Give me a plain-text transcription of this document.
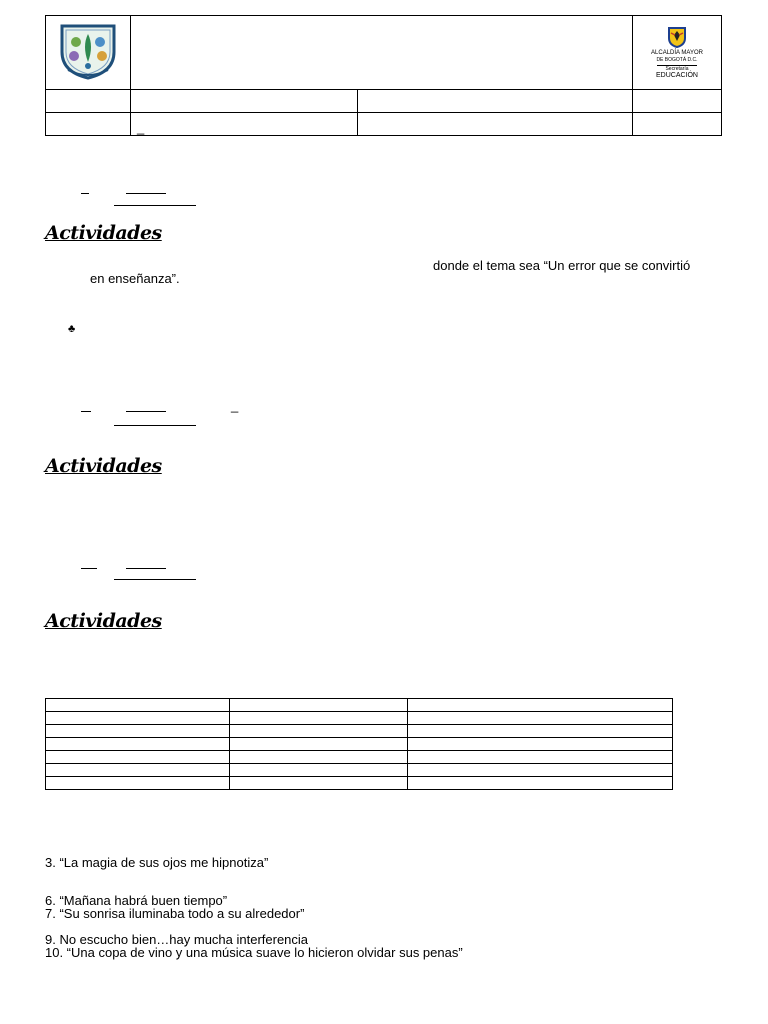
ALCALDÍA MAYOR
DE BOGOTÁ D.C.
Secretaría
EDUCACIÓN

	_		
Actividades
donde el tema sea “Un error que se convirtió
en enseñanza”.
♣
_
Actividades
Actividades

3. “La magia de sus ojos me hipnotiza”
6. “Mañana habrá buen tiempo”
7. “Su sonrisa iluminaba todo a su alrededor”
9. No escucho bien…hay mucha interferencia
10. “Una copa de vino y una música suave lo hicieron olvidar sus penas”
